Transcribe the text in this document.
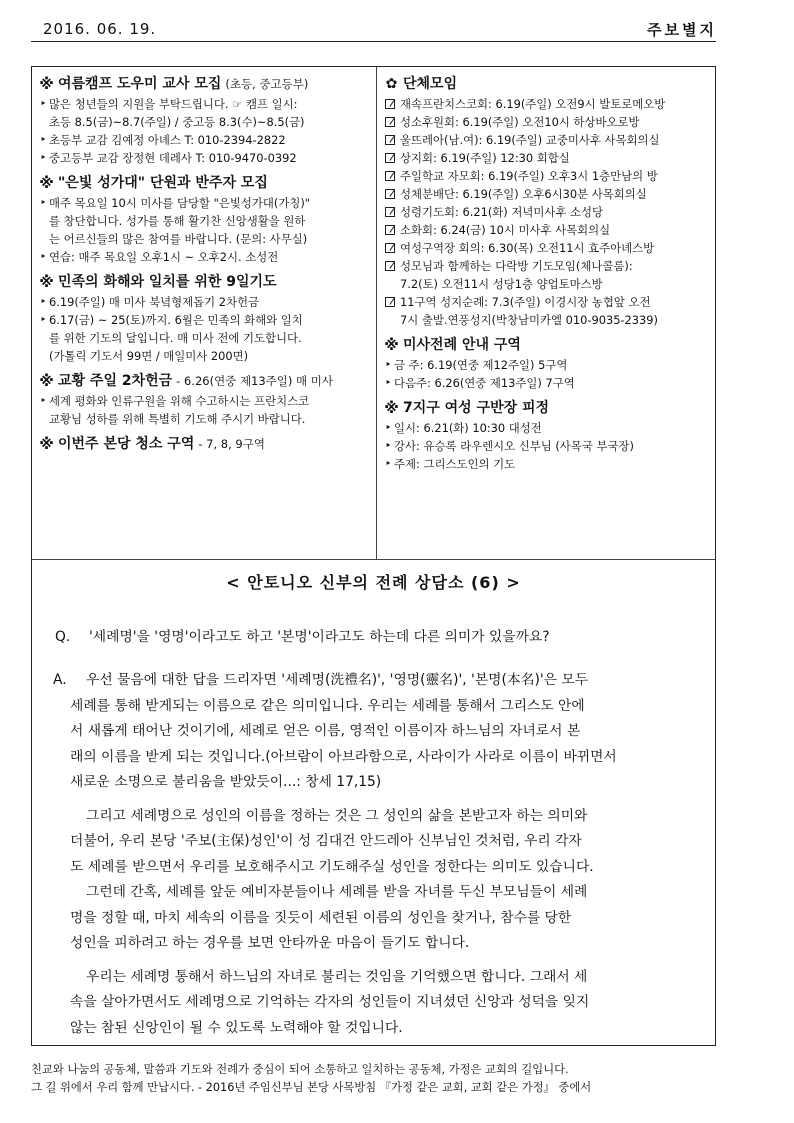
2016. 06. 19.	주보별지
※ 여름캠프 도우미 교사 모집 (초등, 중고등부)
‣ 많은 청년들의 지원을 부탁드립니다. ☞ 캠프 일시:
초등 8.5(금)~8.7(주일) / 중고등 8.3(수)~8.5(금)
‣ 초등부 교감 김예정 아녜스 T: 010-2394-2822
‣ 중고등부 교감 장정현 데레사 T: 010-9470-0392
※ "은빛 성가대" 단원과 반주자 모집
‣ 매주 목요일 10시 미사를 담당할 "은빛성가대(가칭)"
를 창단합니다. 성가를 통해 활기찬 신앙생활을 원하
는 어르신들의 많은 참여를 바랍니다. (문의: 사무실)
‣ 연습: 매주 목요일 오후1시 ~ 오후2시. 소성전
※ 민족의 화해와 일치를 위한 9일기도
‣ 6.19(주일) 매 미사 북녘형제돕기 2차헌금
‣ 6.17(금) ~ 25(토)까지. 6월은 민족의 화해와 일치
를 위한 기도의 달입니다. 매 미사 전에 기도합니다.
(가톨릭 기도서 99면 / 매일미사 200면)
※ 교황 주일 2차헌금 - 6.26(연중 제13주일) 매 미사
‣ 세계 평화와 인류구원을 위해 수고하시는 프란치스코
교황님 성하를 위해 특별히 기도해 주시기 바랍니다.
※ 이번주 본당 청소 구역 - 7, 8, 9구역
✿ 단체모임
재속프란치스코회: 6.19(주일) 오전9시 발토로메오방
성소후원회: 6.19(주일) 오전10시 하상바오로방
울뜨레아(남.여): 6.19(주일) 교중미사후 사목회의실
상지회: 6.19(주일) 12:30 회합실
주일학교 자모회: 6.19(주일) 오후3시 1층만남의 방
성체분배단: 6.19(주일) 오후6시30분 사목회의실
성령기도회: 6.21(화) 저녁미사후 소성당
소화회: 6.24(금) 10시 미사후 사목회의실
여성구역장 회의: 6.30(목) 오전11시 효주아녜스방
성모님과 함께하는 다락방 기도모임(체나콜룸):
7.2(토) 오전11시 성당1층 양업토마스방
11구역 성지순례: 7.3(주일) 이경시장 농협앞 오전
7시 출발.연풍성지(박창남미카엘 010-9035-2339)
※ 미사전례 안내 구역
‣ 금 주: 6.19(연중 제12주일) 5구역
‣ 다음주: 6.26(연중 제13주일) 7구역
※ 7지구 여성 구반장 피정
‣ 일시: 6.21(화) 10:30 대성전
‣ 강사: 유승록 라우렌시오 신부님 (사목국 부국장)
‣ 주제: 그리스도인의 기도
< 안토니오 신부의 전례 상담소 (6) >
Q. '세례명'을 '영명'이라고도 하고 '본명'이라고도 하는데 다른 의미가 있을까요?
A. 우선 물음에 대한 답을 드리자면 '세례명(洗禮名)', '영명(靈名)', '본명(本名)'은 모두
세례를 통해 받게되는 이름으로 같은 의미입니다. 우리는 세례를 통해서 그리스도 안에
서 새롭게 태어난 것이기에, 세례로 얻은 이름, 영적인 이름이자 하느님의 자녀로서 본
래의 이름을 받게 되는 것입니다.(아브람이 아브라함으로, 사라이가 사라로 이름이 바뀌면서
새로운 소명으로 불리움을 받았듯이...: 창세 17,15)
그리고 세례명으로 성인의 이름을 정하는 것은 그 성인의 삶을 본받고자 하는 의미와
더불어, 우리 본당 '주보(主保)성인'이 성 김대건 안드레아 신부님인 것처럼, 우리 각자
도 세례를 받으면서 우리를 보호해주시고 기도해주실 성인을 정한다는 의미도 있습니다.
그런데 간혹, 세례를 앞둔 예비자분들이나 세례를 받을 자녀를 두신 부모님들이 세례
명을 정할 때, 마치 세속의 이름을 짓듯이 세련된 이름의 성인을 찾거나, 참수를 당한
성인을 피하려고 하는 경우를 보면 안타까운 마음이 들기도 합니다.
우리는 세례명 통해서 하느님의 자녀로 불리는 것임을 기억했으면 합니다. 그래서 세
속을 살아가면서도 세례명으로 기억하는 각자의 성인들이 지녀셨던 신앙과 성덕을 잊지
않는 참된 신앙인이 될 수 있도록 노력해야 할 것입니다.
친교와 나눔의 공동체, 말씀과 기도와 전례가 중심이 되어 소통하고 일치하는 공동체, 가정은 교회의 길입니다.
그 길 위에서 우리 함께 만납시다. - 2016년 주임신부님 본당 사목방침 『가정 같은 교회, 교회 같은 가정』 중에서
